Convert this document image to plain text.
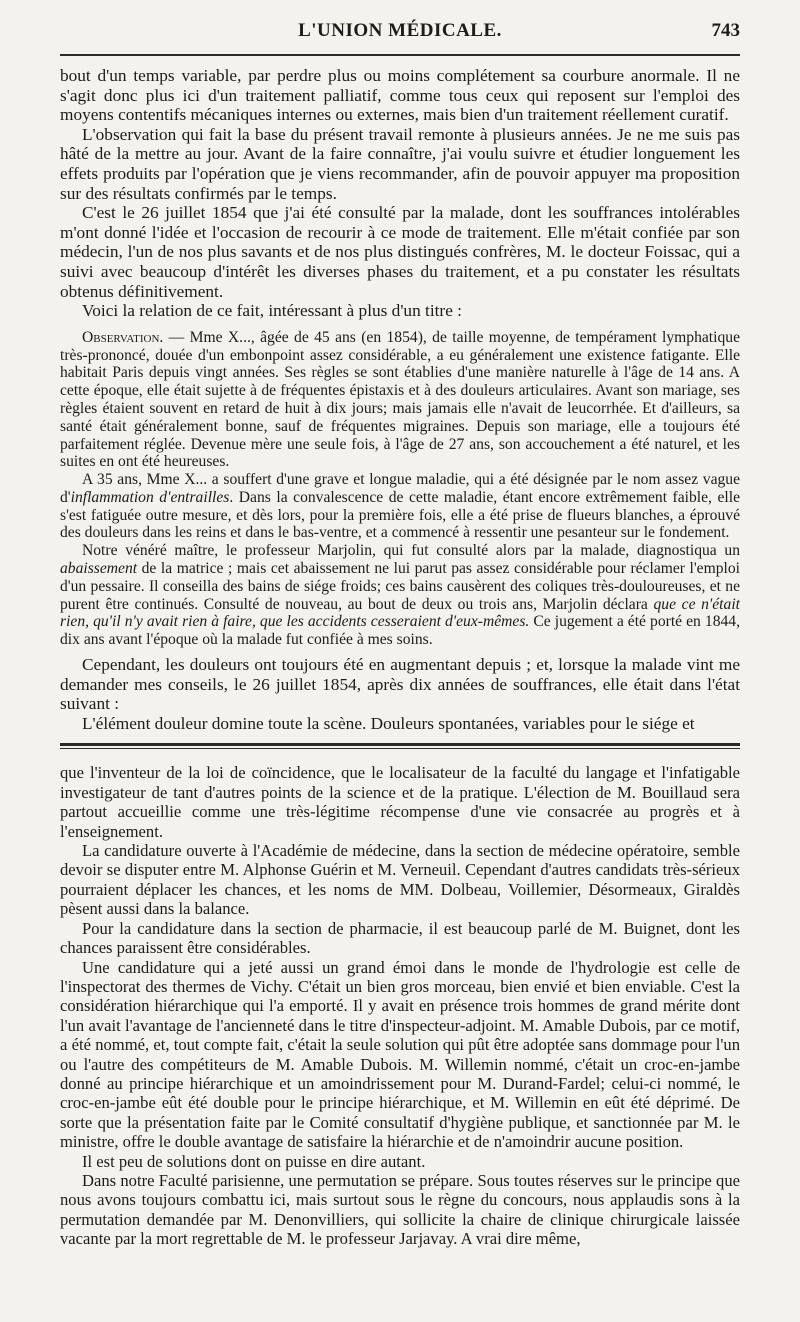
L'UNION MÉDICALE.	743

bout d'un temps variable, par perdre plus ou moins complétement sa courbure anormale. Il ne s'agit donc plus ici d'un traitement palliatif, comme tous ceux qui reposent sur l'emploi des moyens contentifs mécaniques internes ou externes, mais bien d'un traitement réellement curatif.

L'observation qui fait la base du présent travail remonte à plusieurs années. Je ne me suis pas hâté de la mettre au jour. Avant de la faire connaître, j'ai voulu suivre et étudier longuement les effets produits par l'opération que je viens recommander, afin de pouvoir appuyer ma proposition sur des résultats confirmés par le temps.

C'est le 26 juillet 1854 que j'ai été consulté par la malade, dont les souffrances intolérables m'ont donné l'idée et l'occasion de recourir à ce mode de traitement. Elle m'était confiée par son médecin, l'un de nos plus savants et de nos plus distingués confrères, M. le docteur Foissac, qui a suivi avec beaucoup d'intérêt les diverses phases du traitement, et a pu constater les résultats obtenus définitivement.

Voici la relation de ce fait, intéressant à plus d'un titre :

Observation. — Mme X..., âgée de 45 ans (en 1854), de taille moyenne, de tempérament lymphatique très-prononcé, douée d'un embonpoint assez considérable, a eu généralement une existence fatigante. Elle habitait Paris depuis vingt années. Ses règles se sont établies d'une manière naturelle à l'âge de 14 ans. A cette époque, elle était sujette à de fréquentes épistaxis et à des douleurs articulaires. Avant son mariage, ses règles étaient souvent en retard de huit à dix jours; mais jamais elle n'avait de leucorrhée. Et d'ailleurs, sa santé était généralement bonne, sauf de fréquentes migraines. Depuis son mariage, elle a toujours été parfaitement réglée. Devenue mère une seule fois, à l'âge de 27 ans, son accouchement a été naturel, et les suites en ont été heureuses.

A 35 ans, Mme X... a souffert d'une grave et longue maladie, qui a été désignée par le nom assez vague d'inflammation d'entrailles. Dans la convalescence de cette maladie, étant encore extrêmement faible, elle s'est fatiguée outre mesure, et dès lors, pour la première fois, elle a été prise de flueurs blanches, a éprouvé des douleurs dans les reins et dans le bas-ventre, et a commencé à ressentir une pesanteur sur le fondement.

Notre vénéré maître, le professeur Marjolin, qui fut consulté alors par la malade, diagnostiqua un abaissement de la matrice ; mais cet abaissement ne lui parut pas assez considérable pour réclamer l'emploi d'un pessaire. Il conseilla des bains de siége froids; ces bains causèrent des coliques très-douloureuses, et ne purent être continués. Consulté de nouveau, au bout de deux ou trois ans, Marjolin déclara que ce n'était rien, qu'il n'y avait rien à faire, que les accidents cesseraient d'eux-mêmes. Ce jugement a été porté en 1844, dix ans avant l'époque où la malade fut confiée à mes soins.

Cependant, les douleurs ont toujours été en augmentant depuis ; et, lorsque la malade vint me demander mes conseils, le 26 juillet 1854, après dix années de souffrances, elle était dans l'état suivant :

L'élément douleur domine toute la scène. Douleurs spontanées, variables pour le siége et

que l'inventeur de la loi de coïncidence, que le localisateur de la faculté du langage et l'infatigable investigateur de tant d'autres points de la science et de la pratique. L'élection de M. Bouillaud sera partout accueillie comme une très-légitime récompense d'une vie consacrée au progrès et à l'enseignement.

La candidature ouverte à l'Académie de médecine, dans la section de médecine opératoire, semble devoir se disputer entre M. Alphonse Guérin et M. Verneuil. Cependant d'autres candidats très-sérieux pourraient déplacer les chances, et les noms de MM. Dolbeau, Voillemier, Désormeaux, Giraldès pèsent aussi dans la balance.

Pour la candidature dans la section de pharmacie, il est beaucoup parlé de M. Buignet, dont les chances paraissent être considérables.

Une candidature qui a jeté aussi un grand émoi dans le monde de l'hydrologie est celle de l'inspectorat des thermes de Vichy. C'était un bien gros morceau, bien envié et bien enviable. C'est la considération hiérarchique qui l'a emporté. Il y avait en présence trois hommes de grand mérite dont l'un avait l'avantage de l'ancienneté dans le titre d'inspecteur-adjoint. M. Amable Dubois, par ce motif, a été nommé, et, tout compte fait, c'était la seule solution qui pût être adoptée sans dommage pour l'un ou l'autre des compétiteurs de M. Amable Dubois. M. Willemin nommé, c'était un croc-en-jambe donné au principe hiérarchique et un amoindrissement pour M. Durand-Fardel; celui-ci nommé, le croc-en-jambe eût été double pour le principe hiérarchique, et M. Willemin en eût été déprimé. De sorte que la présentation faite par le Comité consultatif d'hygiène publique, et sanctionnée par M. le ministre, offre le double avantage de satisfaire la hiérarchie et de n'amoindrir aucune position.

Il est peu de solutions dont on puisse en dire autant.

Dans notre Faculté parisienne, une permutation se prépare. Sous toutes réserves sur le principe que nous avons toujours combattu ici, mais surtout sous le règne du concours, nous applaudis sons à la permutation demandée par M. Denonvilliers, qui sollicite la chaire de clinique chirurgicale laissée vacante par la mort regrettable de M. le professeur Jarjavay. A vrai dire même,
